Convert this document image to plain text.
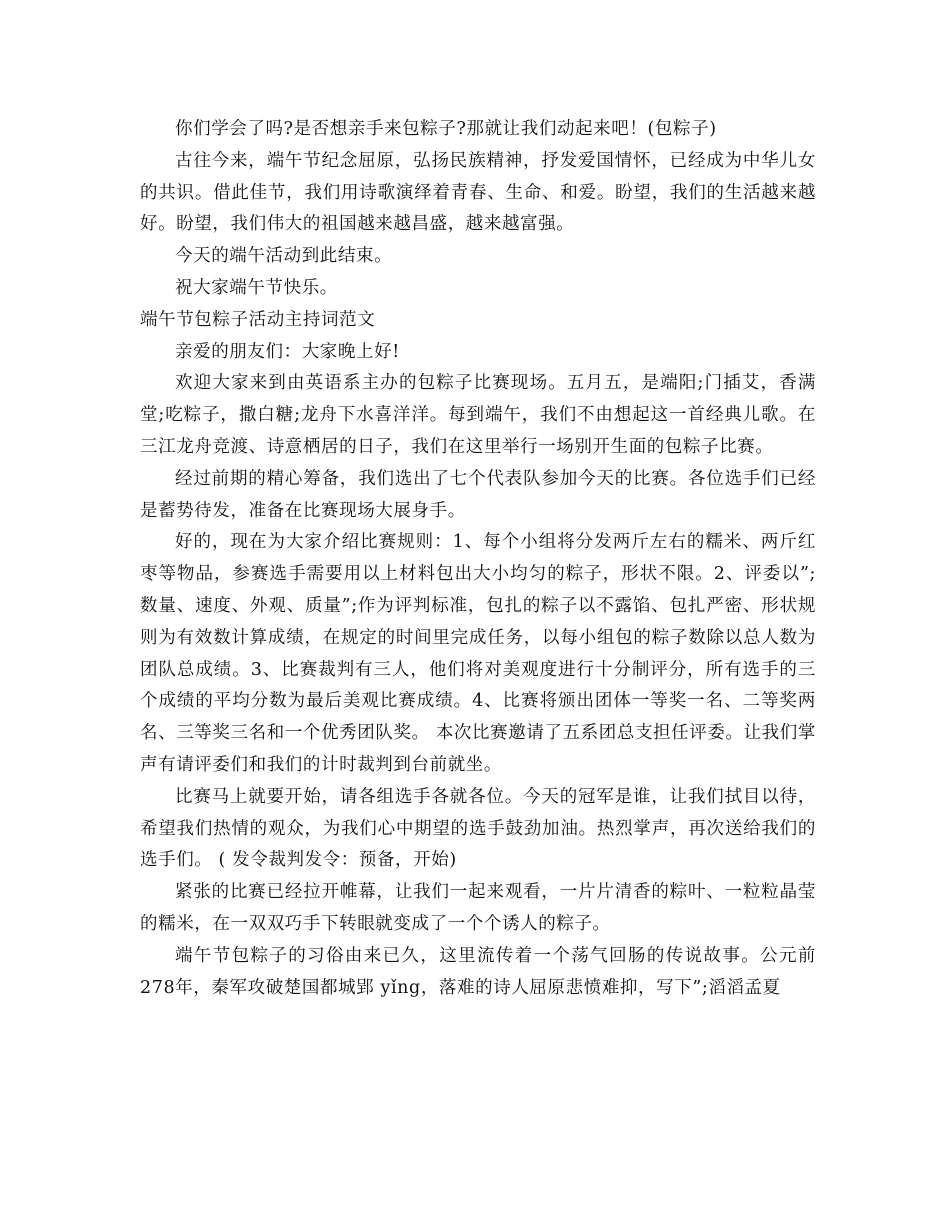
你们学会了吗?是否想亲手来包粽子?那就让我们动起来吧！(包粽子)

古往今来，端午节纪念屈原，弘扬民族精神，抒发爱国情怀，已经成为中华儿女的共识。借此佳节，我们用诗歌演绎着青春、生命、和爱。盼望，我们的生活越来越好。盼望，我们伟大的祖国越来越昌盛，越来越富强。

今天的端午活动到此结束。

祝大家端午节快乐。

端午节包粽子活动主持词范文

亲爱的朋友们：大家晚上好!

欢迎大家来到由英语系主办的包粽子比赛现场。五月五，是端阳;门插艾，香满堂;吃粽子，撒白糖;龙舟下水喜洋洋。每到端午，我们不由想起这一首经典儿歌。在三江龙舟竞渡、诗意栖居的日子，我们在这里举行一场别开生面的包粽子比赛。

经过前期的精心筹备，我们选出了七个代表队参加今天的比赛。各位选手们已经是蓄势待发，准备在比赛现场大展身手。

好的，现在为大家介绍比赛规则：1、每个小组将分发两斤左右的糯米、两斤红枣等物品，参赛选手需要用以上材料包出大小均匀的粽子，形状不限。2、评委以”;数量、速度、外观、质量”;作为评判标准，包扎的粽子以不露馅、包扎严密、形状规则为有效数计算成绩，在规定的时间里完成任务，以每小组包的粽子数除以总人数为团队总成绩。3、比赛裁判有三人，他们将对美观度进行十分制评分，所有选手的三个成绩的平均分数为最后美观比赛成绩。4、比赛将颁出团体一等奖一名、二等奖两名、三等奖三名和一个优秀团队奖。 本次比赛邀请了五系团总支担任评委。让我们掌声有请评委们和我们的计时裁判到台前就坐。

比赛马上就要开始，请各组选手各就各位。今天的冠军是谁，让我们拭目以待，希望我们热情的观众，为我们心中期望的选手鼓劲加油。热烈掌声，再次送给我们的选手们。 ( 发令裁判发令：预备，开始)

紧张的比赛已经拉开帷幕，让我们一起来观看，一片片清香的粽叶、一粒粒晶莹的糯米，在一双双巧手下转眼就变成了一个个诱人的粽子。

端午节包粽子的习俗由来已久，这里流传着一个荡气回肠的传说故事。公元前278年，秦军攻破楚国都城郢 yǐng，落难的诗人屈原悲愤难抑，写下”;滔滔孟夏
